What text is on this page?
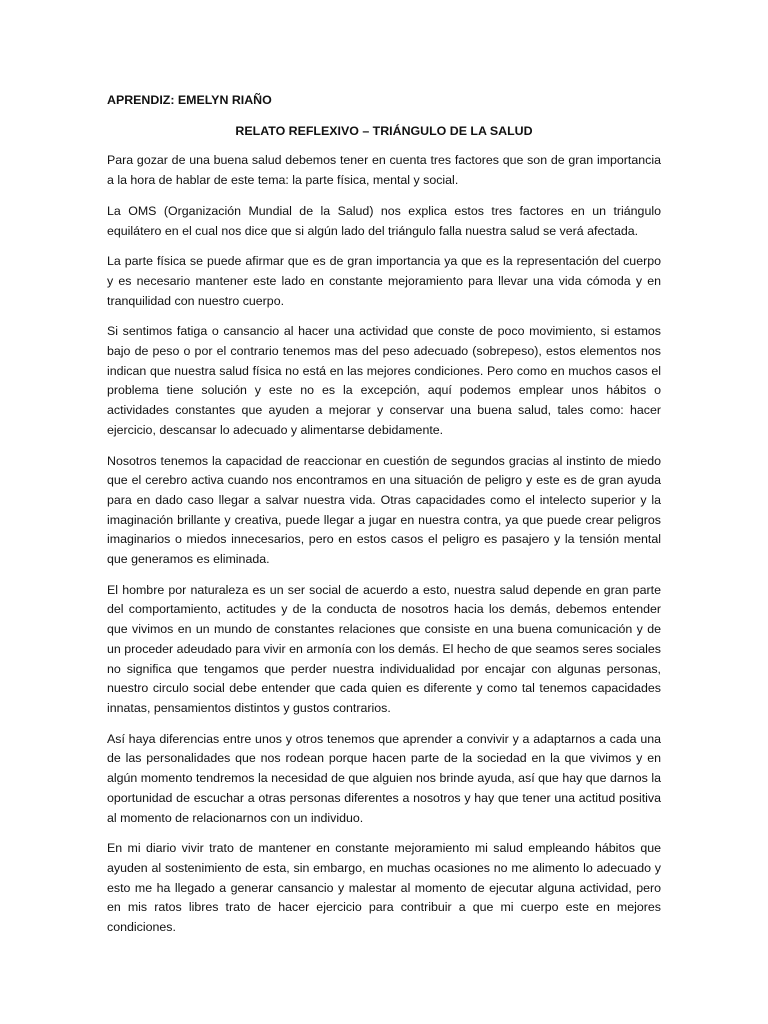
APRENDIZ: EMELYN RIAÑO
RELATO REFLEXIVO – TRIÁNGULO DE LA SALUD

Para gozar de una buena salud debemos tener en cuenta tres factores que son de gran importancia a la hora de hablar de este tema: la parte física, mental y social.

La OMS (Organización Mundial de la Salud) nos explica estos tres factores en un triángulo equilátero en el cual nos dice que si algún lado del triángulo falla nuestra salud se verá afectada.

La parte física se puede afirmar que es de gran importancia ya que es la representación del cuerpo y es necesario mantener este lado en constante mejoramiento para llevar una vida cómoda y en tranquilidad con nuestro cuerpo.

Si sentimos fatiga o cansancio al hacer una actividad que conste de poco movimiento, si estamos bajo de peso o por el contrario tenemos mas del peso adecuado (sobrepeso), estos elementos nos indican que nuestra salud física no está en las mejores condiciones. Pero como en muchos casos el problema tiene solución y este no es la excepción, aquí podemos emplear unos hábitos o actividades constantes que ayuden a mejorar y conservar una buena salud, tales como: hacer ejercicio, descansar lo adecuado y alimentarse debidamente.

Nosotros tenemos la capacidad de reaccionar en cuestión de segundos gracias al instinto de miedo que el cerebro activa cuando nos encontramos en una situación de peligro y este es de gran ayuda para en dado caso llegar a salvar nuestra vida. Otras capacidades como el intelecto superior y la imaginación brillante y creativa, puede llegar a jugar en nuestra contra, ya que puede crear peligros imaginarios o miedos innecesarios, pero en estos casos el peligro es pasajero y la tensión mental que generamos es eliminada.

El hombre por naturaleza es un ser social de acuerdo a esto, nuestra salud depende en gran parte del comportamiento, actitudes y de la conducta de nosotros hacia los demás, debemos entender que vivimos en un mundo de constantes relaciones que consiste en una buena comunicación y de un proceder adeudado para vivir en armonía con los demás. El hecho de que seamos seres sociales no significa que tengamos que perder nuestra individualidad por encajar con algunas personas, nuestro circulo social debe entender que cada quien es diferente y como tal tenemos capacidades innatas, pensamientos distintos y gustos contrarios.

Así haya diferencias entre unos y otros tenemos que aprender a convivir y a adaptarnos a cada una de las personalidades que nos rodean porque hacen parte de la sociedad en la que vivimos y en algún momento tendremos la necesidad de que alguien nos brinde ayuda, así que hay que darnos la oportunidad de escuchar a otras personas diferentes a nosotros y hay que tener una actitud positiva al momento de relacionarnos con un individuo.

En mi diario vivir trato de mantener en constante mejoramiento mi salud empleando hábitos que ayuden al sostenimiento de esta, sin embargo, en muchas ocasiones no me alimento lo adecuado y esto me ha llegado a generar cansancio y malestar al momento de ejecutar alguna actividad, pero en mis ratos libres trato de hacer ejercicio para contribuir a que mi cuerpo este en mejores condiciones.
